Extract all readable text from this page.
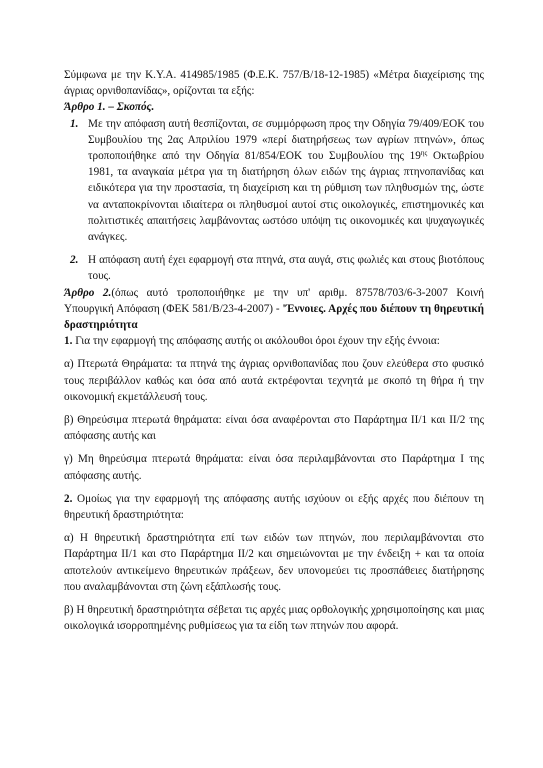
Σύμφωνα με την Κ.Υ.Α. 414985/1985 (Φ.Ε.Κ. 757/Β/18-12-1985) «Μέτρα διαχείρισης της άγριας ορνιθοπανίδας», ορίζονται τα εξής:

Άρθρο 1. – Σκοπός.

1. Με την απόφαση αυτή θεσπίζονται, σε συμμόρφωση προς την Οδηγία 79/409/ΕΟΚ του Συμβουλίου της 2ας Απριλίου 1979 «περί διατηρήσεως των αγρίων πτηνών», όπως τροποποιήθηκε από την Οδηγία 81/854/ΕΟΚ του Συμβουλίου της $19^{\eta\varsigma}$ Οκτωβρίου 1981, τα αναγκαία μέτρα για τη διατήρηση όλων ειδών της άγριας πτηνοπανίδας και ειδικότερα για την προστασία, τη διαχείριση και τη ρύθμιση των πληθυσμών της, ώστε να ανταποκρίνονται ιδιαίτερα οι πληθυσμοί αυτοί στις οικολογικές, επιστημονικές και πολιτιστικές απαιτήσεις λαμβάνοντας ωστόσο υπόψη τις οικονομικές και ψυχαγωγικές ανάγκες.

2. Η απόφαση αυτή έχει εφαρμογή στα πτηνά, στα αυγά, στις φωλιές και στους βιοτόπους τους.

Άρθρο 2.(όπως αυτό τροποποιήθηκε με την υπ' αριθμ. 87578/703/6-3-2007 Κοινή Υπουργική Απόφαση (ΦΕΚ 581/Β/23-4-2007) - 'Έννοιες. Αρχές που διέπουν τη θηρευτική δραστηριότητα

1. Για την εφαρμογή της απόφασης αυτής οι ακόλουθοι όροι έχουν την εξής έννοια:

α) Πτερωτά Θηράματα: τα πτηνά της άγριας ορνιθοπανίδας που ζουν ελεύθερα στο φυσικό τους περιβάλλον καθώς και όσα από αυτά εκτρέφονται τεχνητά με σκοπό τη θήρα ή την οικονομική εκμετάλλευσή τους.

β) Θηρεύσιμα πτερωτά θηράματα: είναι όσα αναφέρονται στο Παράρτημα ΙΙ/1 και ΙΙ/2 της απόφασης αυτής και

γ) Μη θηρεύσιμα πτερωτά θηράματα: είναι όσα περιλαμβάνονται στο Παράρτημα Ι της απόφασης αυτής.

2. Ομοίως για την εφαρμογή της απόφασης αυτής ισχύουν οι εξής αρχές που διέπουν τη θηρευτική δραστηριότητα:

α) Η θηρευτική δραστηριότητα επί των ειδών των πτηνών, που περιλαμβάνονται στο Παράρτημα ΙΙ/1 και στο Παράρτημα ΙΙ/2 και σημειώνονται με την ένδειξη + και τα οποία αποτελούν αντικείμενο θηρευτικών πράξεων, δεν υπονομεύει τις προσπάθειες διατήρησης που αναλαμβάνονται στη ζώνη εξάπλωσής τους.

β) Η θηρευτική δραστηριότητα σέβεται τις αρχές μιας ορθολογικής χρησιμοποίησης και μιας οικολογικά ισορροπημένης ρυθμίσεως για τα είδη των πτηνών που αφορά.
